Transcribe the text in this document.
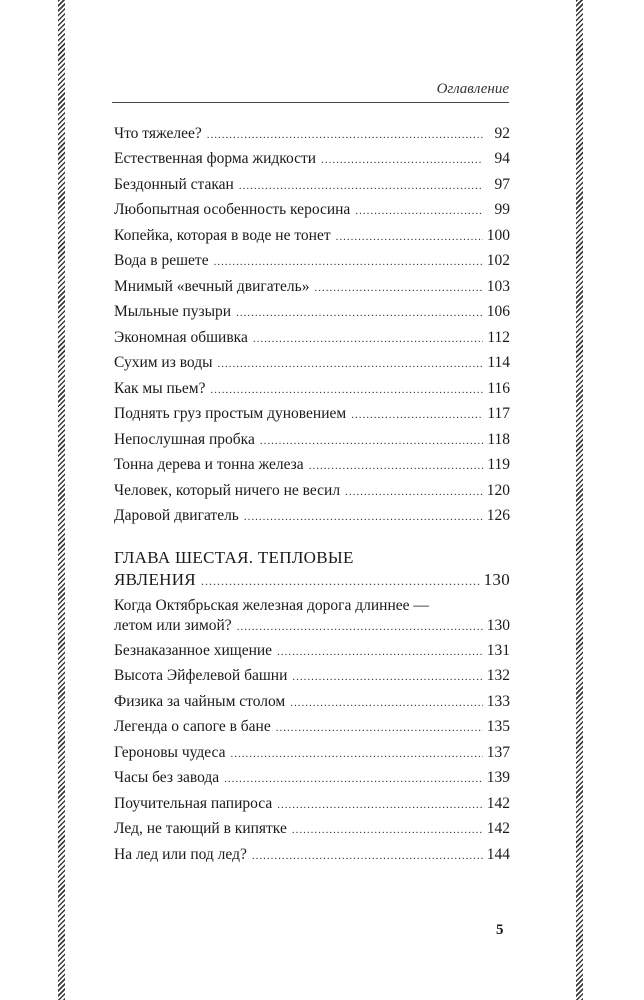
Оглавление
Что тяжелее? .....	92
Естественная форма жидкости .....	94
Бездонный стакан .....	97
Любопытная особенность керосина .....	99
Копейка, которая в воде не тонет .....	100
Вода в решете .....	102
Мнимый «вечный двигатель» .....	103
Мыльные пузыри .....	106
Экономная обшивка .....	112
Сухим из воды .....	114
Как мы пьем? .....	116
Поднять груз простым дуновением .....	117
Непослушная пробка .....	118
Тонна дерева и тонна железа .....	119
Человек, который ничего не весил .....	120
Даровой двигатель .....	126
ГЛАВА ШЕСТАЯ. ТЕПЛОВЫЕ
ЯВЛЕНИЯ .....	130
Когда Октябрьская железная дорога длиннее —
летом или зимой? .....	130
Безнаказанное хищение .....	131
Высота Эйфелевой башни .....	132
Физика за чайным столом .....	133
Легенда о сапоге в бане .....	135
Героновы чудеса .....	137
Часы без завода .....	139
Поучительная папироса .....	142
Лед, не тающий в кипятке .....	142
На лед или под лед? .....	144
5
